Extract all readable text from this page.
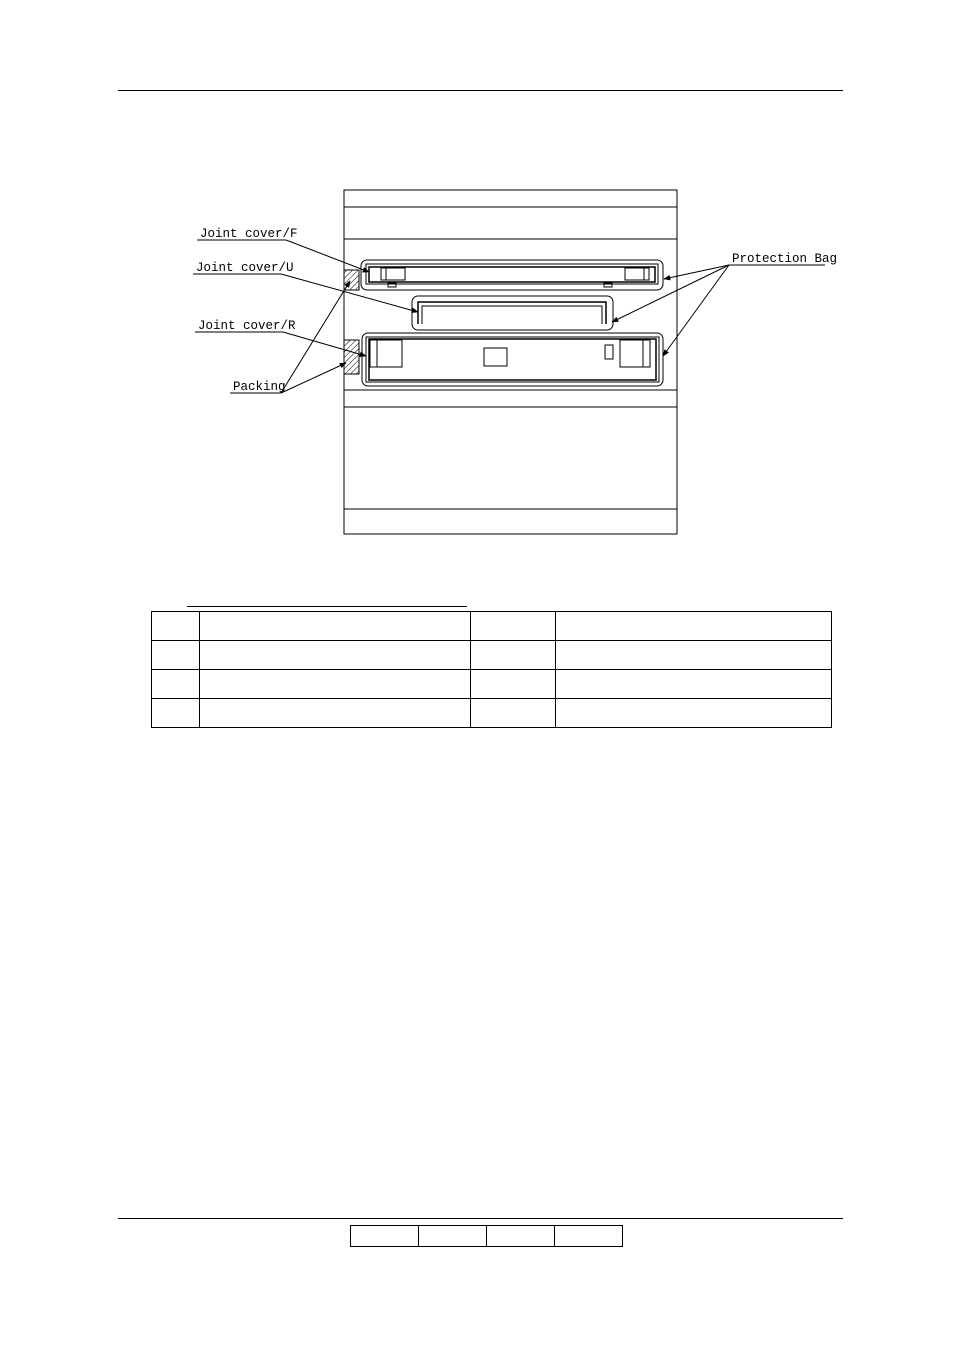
Joint cover/F
Joint cover/U
Joint cover/R
Packing
Protection Bag
